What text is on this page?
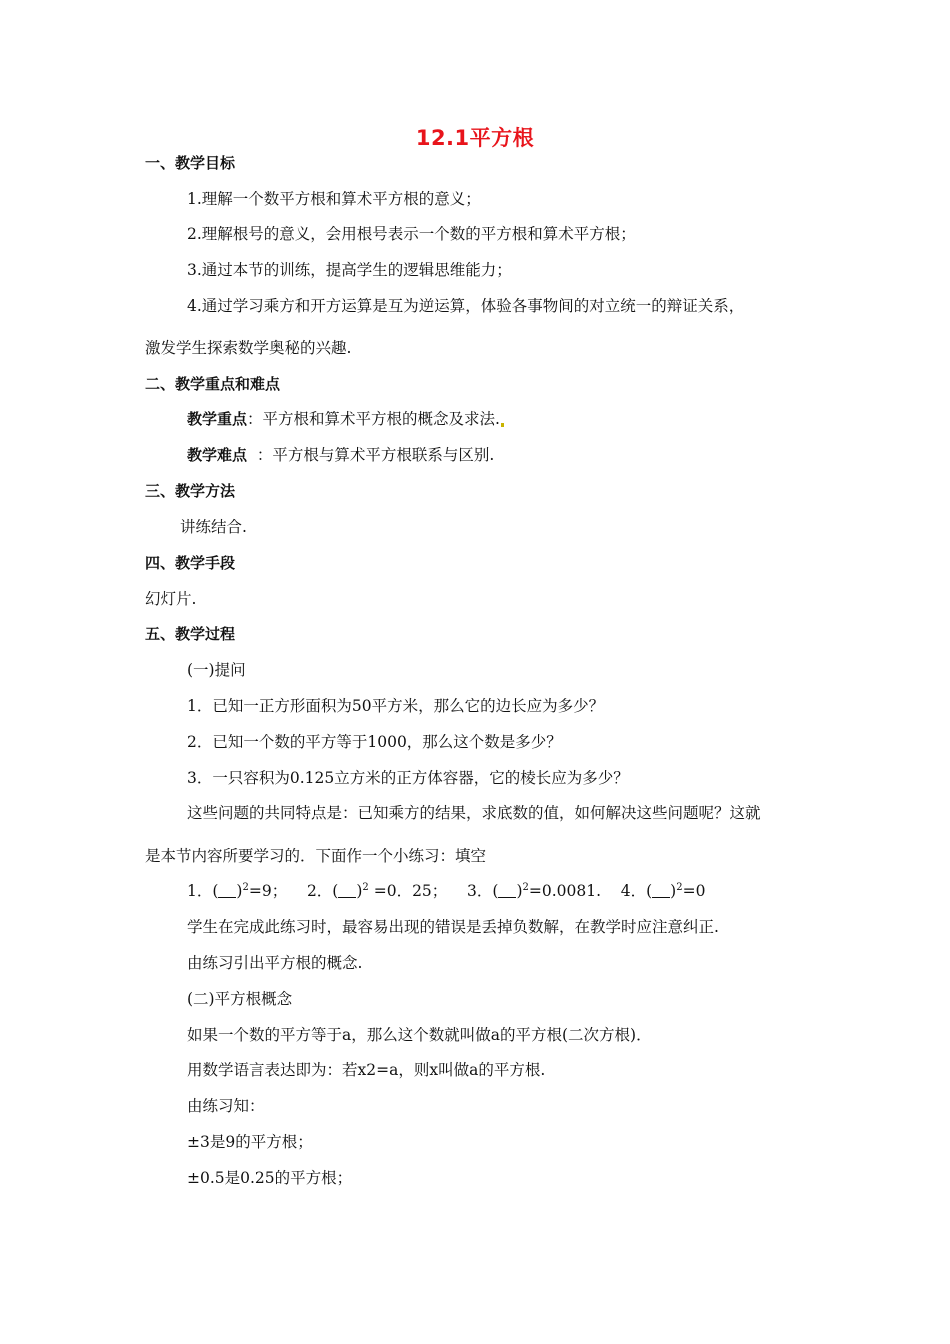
12.1平方根
一、教学目标
1.理解一个数平方根和算术平方根的意义；
2.理解根号的意义，会用根号表示一个数的平方根和算术平方根；
3.通过本节的训练，提高学生的逻辑思维能力；
4.通过学习乘方和开方运算是互为逆运算，体验各事物间的对立统一的辩证关系，
激发学生探索数学奥秘的兴趣.
二、教学重点和难点
教学重点：平方根和算术平方根的概念及求法.
教学难点  ：平方根与算术平方根联系与区别.
三、教学方法
讲练结合.
四、教学手段
幻灯片.
五、教学过程
(一)提问
1．已知一正方形面积为50平方米，那么它的边长应为多少？
2．已知一个数的平方等于1000，那么这个数是多少？
3．一只容积为0.125立方米的正方体容器，它的棱长应为多少？
这些问题的共同特点是：已知乘方的结果，求底数的值，如何解决这些问题呢？这就
是本节内容所要学习的．下面作一个小练习：填空
1．( )$^2$=9； 2．( )$^2$ =0．25； 3．( )$^2$=0.0081. 4．( )$^2$=0
学生在完成此练习时，最容易出现的错误是丢掉负数解，在教学时应注意纠正.
由练习引出平方根的概念.
(二)平方根概念
如果一个数的平方等于a，那么这个数就叫做a的平方根(二次方根)．
用数学语言表达即为：若x2=a，则x叫做a的平方根.
由练习知：
±3是9的平方根；
±0.5是0.25的平方根；
